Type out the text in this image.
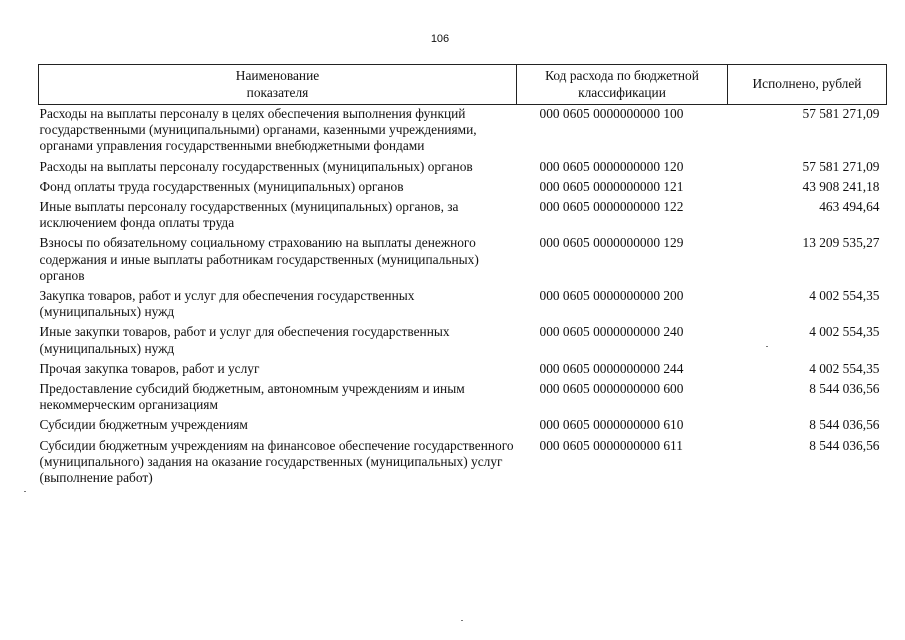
106
Наименование
показателя	Код расхода по бюджетной классификации	Исполнено, рублей
Расходы на выплаты персоналу в целях обеспечения выполнения функций государственными (муниципальными) органами, казенными учреждениями, органами управления государственными внебюджетными фондами	000 0605 0000000000 100	57 581 271,09
Расходы на выплаты персоналу государственных (муниципальных) органов	000 0605 0000000000 120	57 581 271,09
Фонд оплаты труда государственных (муниципальных) органов	000 0605 0000000000 121	43 908 241,18
Иные выплаты персоналу государственных (муниципальных) органов, за исключением фонда оплаты труда	000 0605 0000000000 122	463 494,64
Взносы по обязательному социальному страхованию на выплаты денежного содержания и иные выплаты работникам государственных (муниципальных) органов	000 0605 0000000000 129	13 209 535,27
Закупка товаров, работ и услуг для обеспечения государственных (муниципальных) нужд	000 0605 0000000000 200	4 002 554,35
Иные закупки товаров, работ и услуг для обеспечения государственных (муниципальных) нужд	000 0605 0000000000 240	4 002 554,35
Прочая закупка товаров, работ и услуг	000 0605 0000000000 244	4 002 554,35
Предоставление субсидий бюджетным, автономным учреждениям и иным некоммерческим организациям	000 0605 0000000000 600	8 544 036,56
Субсидии бюджетным учреждениям	000 0605 0000000000 610	8 544 036,56
Субсидии бюджетным учреждениям на финансовое обеспечение государственного (муниципального) задания на оказание государственных (муниципальных) услуг (выполнение работ)	000 0605 0000000000 611	8 544 036,56
